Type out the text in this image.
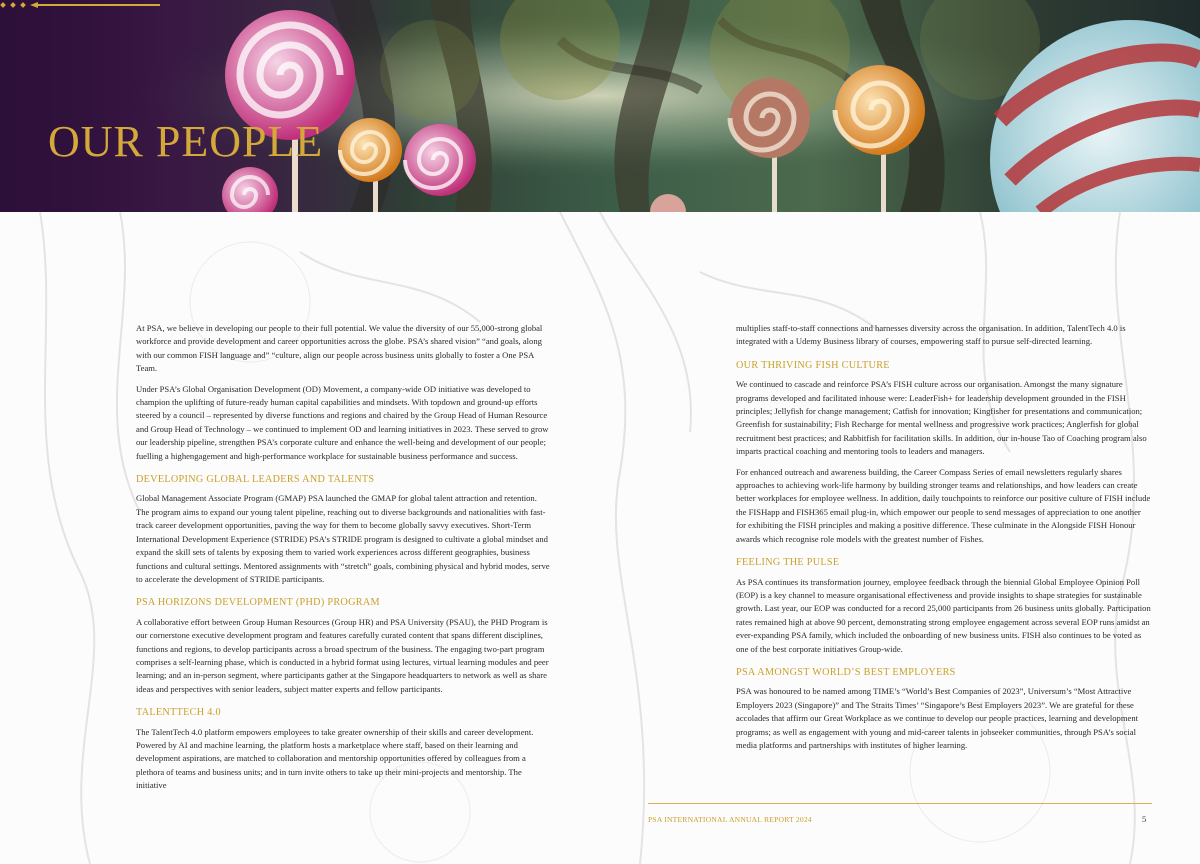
OUR PEOPLE

At PSA, we believe in developing our people to their full potential. We value the diversity of our 55,000-strong global workforce and provide development and career opportunities across the globe. PSA’s shared vision” “and goals, along with our common FISH language and” “culture, align our people across business units globally to foster a One PSA Team.

Under PSA’s Global Organisation Development (OD) Movement, a company-wide OD initiative was developed to champion the uplifting of future-ready human capital capabilities and mindsets. With topdown and ground-up efforts steered by a council – represented by diverse functions and regions and chaired by the Group Head of Human Resource and Group Head of Technology – we continued to implement OD and learning initiatives in 2023. These served to grow our leadership pipeline, strengthen PSA’s corporate culture and enhance the well-being and development of our people; fuelling a highengagement and high-performance workplace for sustainable business performance and success.

DEVELOPING GLOBAL LEADERS AND TALENTS

Global Management Associate Program (GMAP) PSA launched the GMAP for global talent attraction and retention. The program aims to expand our young talent pipeline, reaching out to diverse backgrounds and nationalities with fast-track career development opportunities, paving the way for them to become globally savvy executives. Short-Term International Development Experience (STRIDE) PSA’s STRIDE program is designed to cultivate a global mindset and expand the skill sets of talents by exposing them to varied work experiences across different geographies, business functions and cultural settings. Mentored assignments with “stretch” goals, combining physical and hybrid modes, serve to accelerate the development of STRIDE participants.

PSA HORIZONS DEVELOPMENT (PHD) PROGRAM

A collaborative effort between Group Human Resources (Group HR) and PSA University (PSAU), the PHD Program is our cornerstone executive development program and features carefully curated content that spans different disciplines, functions and regions, to develop participants across a broad spectrum of the business. The engaging two-part program comprises a self-learning phase, which is conducted in a hybrid format using lectures, virtual learning modules and peer learning; and an in-person segment, where participants gather at the Singapore headquarters to network as well as share ideas and perspectives with senior leaders, subject matter experts and fellow participants.

TALENTTECH 4.0

The TalentTech 4.0 platform empowers employees to take greater ownership of their skills and career development. Powered by AI and machine learning, the platform hosts a marketplace where staff, based on their learning and development aspirations, are matched to collaboration and mentorship opportunities offered by colleagues from a plethora of teams and business units; and in turn invite others to take up their mini-projects and mentorship. The initiative

multiplies staff-to-staff connections and harnesses diversity across the organisation. In addition, TalentTech 4.0 is integrated with a Udemy Business library of courses, empowering staff to pursue self-directed learning.

OUR THRIVING FISH CULTURE

We continued to cascade and reinforce PSA’s FISH culture across our organisation. Amongst the many signature programs developed and facilitated inhouse were: LeaderFish+ for leadership development grounded in the FISH principles; Jellyfish for change management; Catfish for innovation; Kingfisher for presentations and communication; Greenfish for sustainability; Fish Recharge for mental wellness and progressive work practices; Anglerfish for global recruitment best practices; and Rabbitfish for facilitation skills. In addition, our in-house Tao of Coaching program also imparts practical coaching and mentoring tools to leaders and managers.

For enhanced outreach and awareness building, the Career Compass Series of email newsletters regularly shares approaches to achieving work-life harmony by building stronger teams and relationships, and how leaders can create better workplaces for employee wellness. In addition, daily touchpoints to reinforce our positive culture of FISH include the FISHapp and FISH365 email plug-in, which empower our people to send messages of appreciation to one another for exhibiting the FISH principles and making a positive difference. These culminate in the Alongside FISH Honour awards which recognise role models with the greatest number of Fishes.

FEELING THE PULSE

As PSA continues its transformation journey, employee feedback through the biennial Global Employee Opinion Poll (EOP) is a key channel to measure organisational effectiveness and provide insights to shape strategies for sustainable growth. Last year, our EOP was conducted for a record 25,000 participants from 26 business units globally. Participation rates remained high at above 90 percent, demonstrating strong employee engagement across several EOP runs amidst an ever-expanding PSA family, which included the onboarding of new business units. FISH also continues to be voted as one of the best corporate initiatives Group-wide.

PSA AMONGST WORLD’S BEST EMPLOYERS

PSA was honoured to be named among TIME’s “World’s Best Companies of 2023”, Universum’s “Most Attractive Employers 2023 (Singapore)” and The Straits Times’ “Singapore’s Best Employers 2023”. We are grateful for these accolades that affirm our Great Workplace as we continue to develop our people practices, learning and development programs; as well as engagement with young and mid-career talents in jobseeker communities, through PSA’s social media platforms and partnerships with institutes of higher learning.

PSA INTERNATIONAL ANNUAL REPORT 2024	5
